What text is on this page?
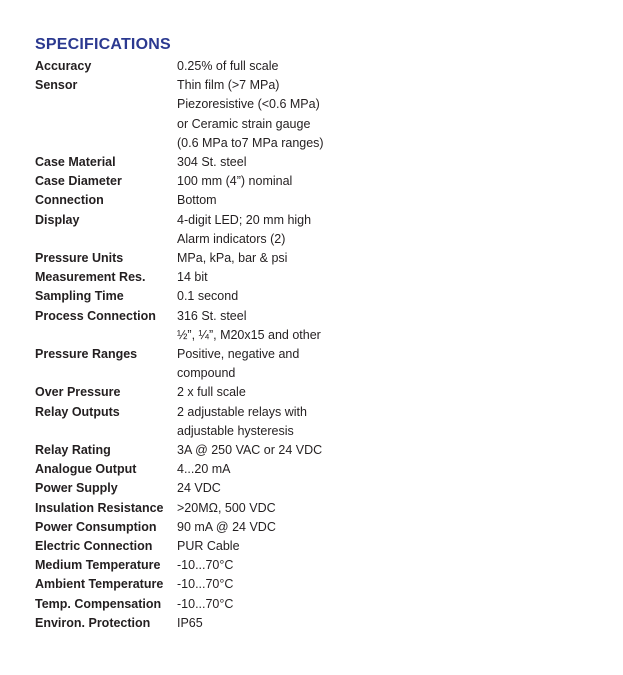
SPECIFICATIONS
Accuracy	0.25% of full scale
Sensor	Thin film (>7 MPa)
Piezoresistive (<0.6 MPa)
or Ceramic strain gauge
(0.6 MPa to7 MPa ranges)
Case Material	304 St. steel
Case Diameter	100 mm (4”) nominal
Connection	Bottom
Display	4-digit LED; 20 mm high
Alarm indicators (2)
Pressure Units	MPa, kPa, bar & psi
Measurement Res.	14 bit
Sampling Time	0.1 second
Process Connection	316 St. steel
½”, ¼”, M20x15 and other
Pressure Ranges	Positive, negative and
compound
Over Pressure	2 x full scale
Relay Outputs	2 adjustable relays with
adjustable hysteresis
Relay Rating	3A @ 250 VAC or 24 VDC
Analogue Output	4...20 mA
Power Supply	24 VDC
Insulation Resistance	>20MΩ, 500 VDC
Power Consumption	90 mA @ 24 VDC
Electric Connection	PUR Cable
Medium Temperature	-10...70°C
Ambient Temperature	-10...70°C
Temp. Compensation	-10...70°C
Environ. Protection	IP65
